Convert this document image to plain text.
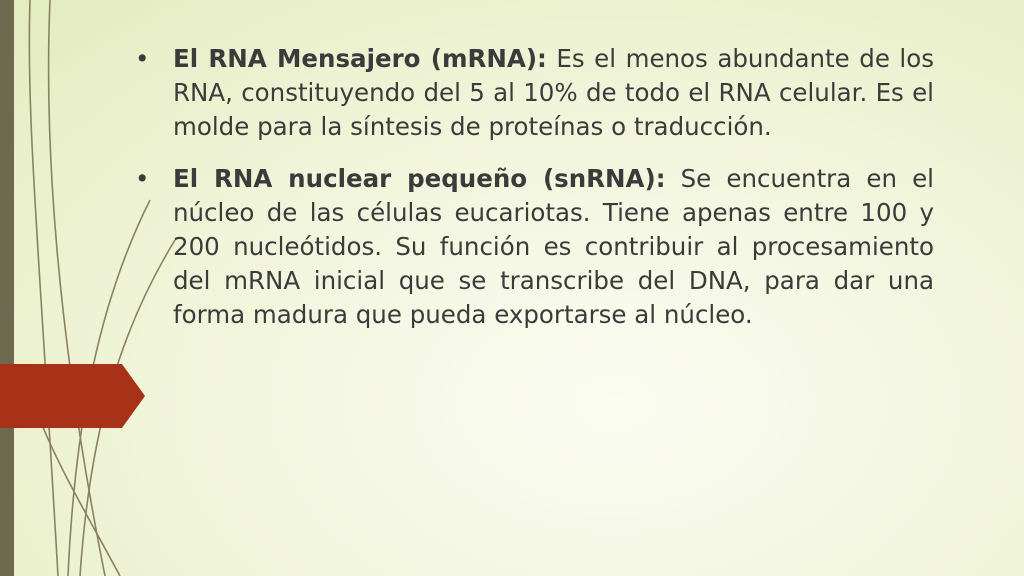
• El RNA Mensajero (mRNA): Es el menos abundante de los RNA, constituyendo del 5 al 10% de todo el RNA celular. Es el molde para la síntesis de proteínas o traducción.
• El RNA nuclear pequeño (snRNA): Se encuentra en el núcleo de las células eucariotas. Tiene apenas entre 100 y 200 nucleótidos. Su función es contribuir al procesamiento del mRNA inicial que se transcribe del DNA, para dar una forma madura que pueda exportarse al núcleo.
